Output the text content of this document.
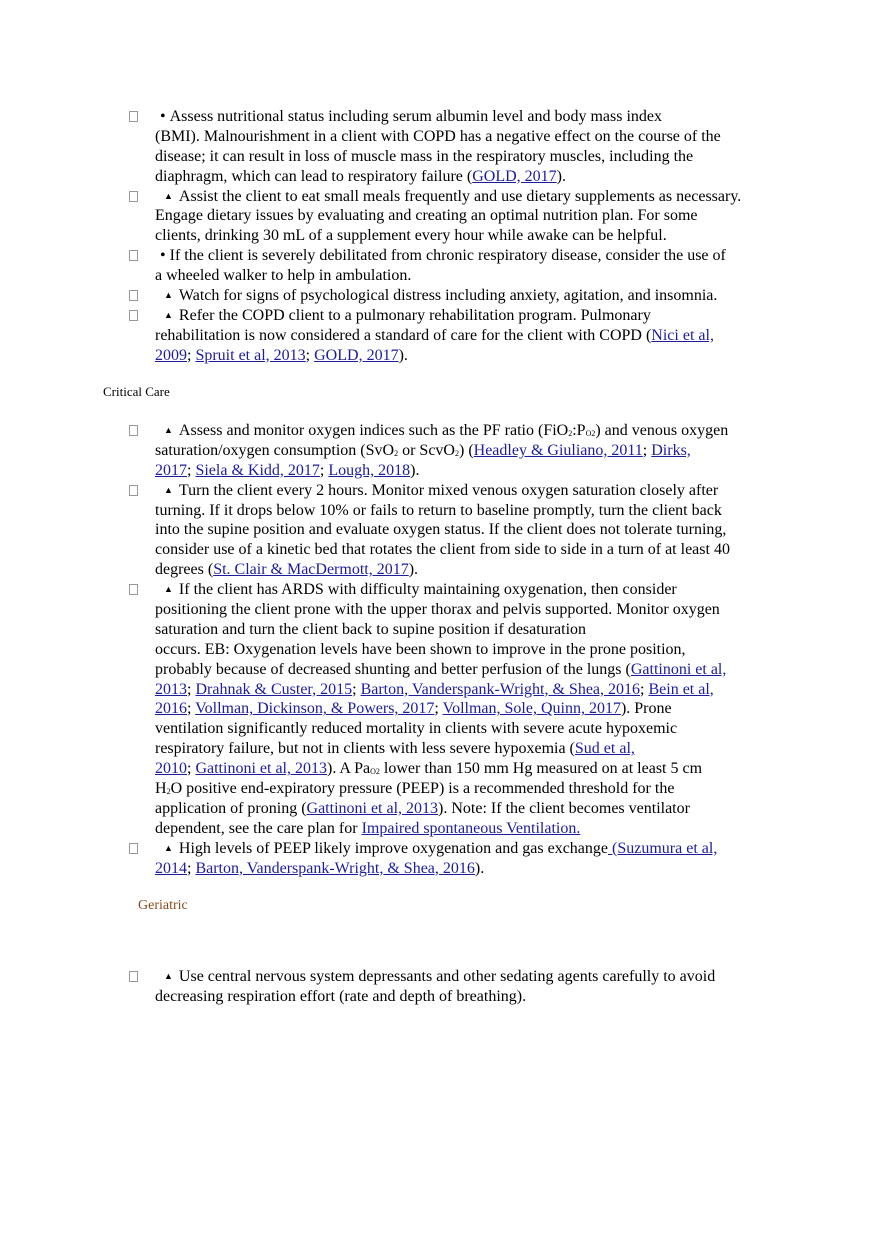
• Assess nutritional status including serum albumin level and body mass index
(BMI). Malnourishment in a client with COPD has a negative effect on the course of the
disease; it can result in loss of muscle mass in the respiratory muscles, including the
diaphragm, which can lead to respiratory failure (GOLD, 2017).
▲ Assist the client to eat small meals frequently and use dietary supplements as necessary.
Engage dietary issues by evaluating and creating an optimal nutrition plan. For some
clients, drinking 30 mL of a supplement every hour while awake can be helpful.
• If the client is severely debilitated from chronic respiratory disease, consider the use of
a wheeled walker to help in ambulation.
▲ Watch for signs of psychological distress including anxiety, agitation, and insomnia.
▲ Refer the COPD client to a pulmonary rehabilitation program. Pulmonary
rehabilitation is now considered a standard of care for the client with COPD (Nici et al,
2009; Spruit et al, 2013; GOLD, 2017).
Critical Care
▲ Assess and monitor oxygen indices such as the PF ratio $(FiO_2:P_{O2})$ and venous oxygen
saturation/oxygen consumption (SvO$_2$ or ScvO$_2$) (Headley & Giuliano, 2011; Dirks,
2017; Siela & Kidd, 2017; Lough, 2018).
▲ Turn the client every 2 hours. Monitor mixed venous oxygen saturation closely after
turning. If it drops below 10% or fails to return to baseline promptly, turn the client back
into the supine position and evaluate oxygen status. If the client does not tolerate turning,
consider use of a kinetic bed that rotates the client from side to side in a turn of at least 40
degrees (St. Clair & MacDermott, 2017).
▲ If the client has ARDS with difficulty maintaining oxygenation, then consider
positioning the client prone with the upper thorax and pelvis supported. Monitor oxygen
saturation and turn the client back to supine position if desaturation
occurs. EB: Oxygenation levels have been shown to improve in the prone position,
probably because of decreased shunting and better perfusion of the lungs (Gattinoni et al,
2013; Drahnak & Custer, 2015; Barton, Vanderspank-Wright, & Shea, 2016; Bein et al,
2016; Vollman, Dickinson, & Powers, 2017; Vollman, Sole, Quinn, 2017). Prone
ventilation significantly reduced mortality in clients with severe acute hypoxemic
respiratory failure, but not in clients with less severe hypoxemia (Sud et al,
2010; Gattinoni et al, 2013). A $Pa_{O2}$ lower than 150 mm Hg measured on at least 5 cm
$H_2O$ positive end-expiratory pressure (PEEP) is a recommended threshold for the
application of proning (Gattinoni et al, 2013). Note: If the client becomes ventilator
dependent, see the care plan for Impaired spontaneous Ventilation.
▲ High levels of PEEP likely improve oxygenation and gas exchange (Suzumura et al,
2014; Barton, Vanderspank-Wright, & Shea, 2016).
Geriatric
▲ Use central nervous system depressants and other sedating agents carefully to avoid
decreasing respiration effort (rate and depth of breathing).
